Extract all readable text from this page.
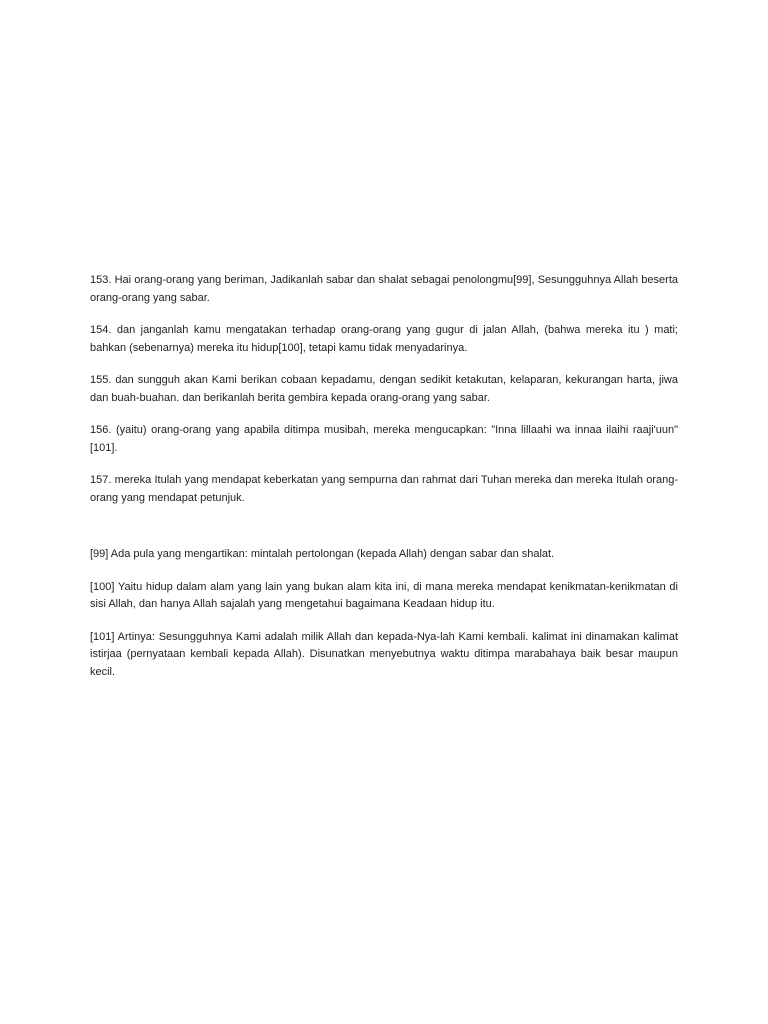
153. Hai orang-orang yang beriman, Jadikanlah sabar dan shalat sebagai penolongmu[99], Sesungguhnya Allah beserta orang-orang yang sabar.

154. dan janganlah kamu mengatakan terhadap orang-orang yang gugur di jalan Allah, (bahwa mereka itu ) mati; bahkan (sebenarnya) mereka itu hidup[100], tetapi kamu tidak menyadarinya.

155. dan sungguh akan Kami berikan cobaan kepadamu, dengan sedikit ketakutan, kelaparan, kekurangan harta, jiwa dan buah-buahan. dan berikanlah berita gembira kepada orang-orang yang sabar.

156. (yaitu) orang-orang yang apabila ditimpa musibah, mereka mengucapkan: "Inna lillaahi wa innaa ilaihi raaji'uun"[101].

157. mereka Itulah yang mendapat keberkatan yang sempurna dan rahmat dari Tuhan mereka dan mereka Itulah orang-orang yang mendapat petunjuk.

[99] Ada pula yang mengartikan: mintalah pertolongan (kepada Allah) dengan sabar dan shalat.

[100] Yaitu hidup dalam alam yang lain yang bukan alam kita ini, di mana mereka mendapat kenikmatan-kenikmatan di sisi Allah, dan hanya Allah sajalah yang mengetahui bagaimana Keadaan hidup itu.

[101] Artinya: Sesungguhnya Kami adalah milik Allah dan kepada-Nya-lah Kami kembali. kalimat ini dinamakan kalimat istirjaa (pernyataan kembali kepada Allah). Disunatkan menyebutnya waktu ditimpa marabahaya baik besar maupun kecil.
